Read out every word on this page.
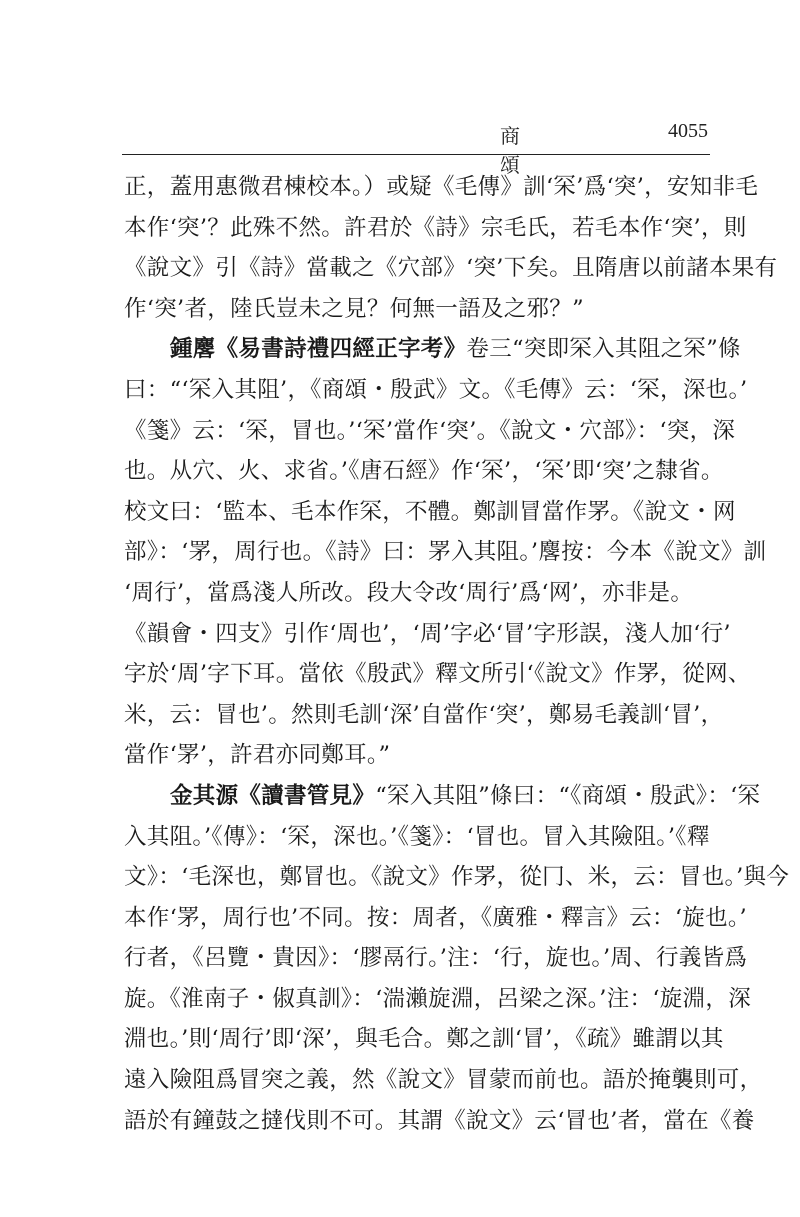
商 頌
4055
正，蓋用惠微君棟校本。）或疑《毛傳》訓‘罙’爲‘突’，安知非毛
本作‘突’？此殊不然。許君於《詩》宗毛氏，若毛本作‘突’，則
《說文》引《詩》當載之《穴部》‘突’下矣。且隋唐以前諸本果有
作‘突’者，陸氏豈未之見？何無一語及之邪？”
鍾麐《易書詩禮四經正字考》卷三“突即罙入其阻之罙”條
曰：“‘罙入其阻’，《商頌・殷武》文。《毛傳》云：‘罙，深也。’
《箋》云：‘罙，冒也。’‘罙’當作‘突’。《說文・穴部》：‘突，深
也。从穴、火、求省。’《唐石經》作‘罙’，‘罙’即‘突’之隸省。
校文曰：‘監本、毛本作罙，不體。鄭訓冒當作罞。《說文・网
部》：‘罞，周行也。《詩》曰：罞入其阻。’麐按：今本《說文》訓
‘周行’，當爲淺人所改。段大令改‘周行’爲‘网’，亦非是。
《韻會・四支》引作‘周也’，‘周’字必‘冒’字形誤，淺人加‘行’
字於‘周’字下耳。當依《殷武》釋文所引‘《說文》作罞，從网、
米，云：冒也’。然則毛訓‘深’自當作‘突’，鄭易毛義訓‘冒’，
當作‘罞’，許君亦同鄭耳。”
金其源《讀書管見》“罙入其阻”條曰：“《商頌・殷武》：‘罙
入其阻。’《傳》：‘罙，深也。’《箋》：‘冒也。冒入其險阻。’《釋
文》：‘毛深也，鄭冒也。《說文》作罞，從冂、米，云：冒也。’與今
本作‘罞，周行也’不同。按：周者，《廣雅・釋言》云：‘旋也。’
行者，《呂覽・貴因》：‘膠鬲行。’注：‘行，旋也。’周、行義皆爲
旋。《淮南子・俶真訓》：‘湍瀨旋淵，呂梁之深。’注：‘旋淵，深
淵也。’則‘周行’即‘深’，與毛合。鄭之訓‘冒’，《疏》雖謂以其
遠入險阻爲冒突之義，然《說文》冒蒙而前也。語於掩襲則可，
語於有鐘鼓之撻伐則不可。其謂《說文》云‘冒也’者，當在《養
